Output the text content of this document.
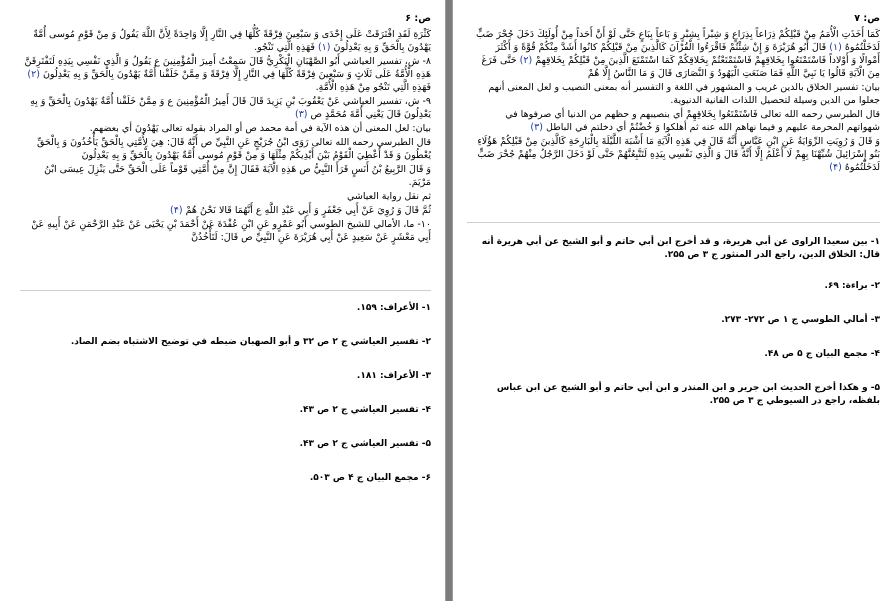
ص: ۶

كَثْرَةِ لَقَدِ افْتَرَقَتْ عَلَى إِحْدَى وَ سَبْعِينَ فِرْقَةً كُلُّهَا فِي النَّارِ إِلَّا وَاحِدَةً لِأَنَّ اللَّهَ يَقُولُ وَ مِنْ قَوْمِ مُوسى أُمَّةٌ يَهْدُونَ بِالْحَقِّ وَ بِهِ يَعْدِلُونَ (۱) فَهَذِهِ الَّتِي تَنْجُو.

۸- ش، تفسير العياشي أَبُو الصَّهْبَانِ الْبَكْرِيُّ قَالَ سَمِعْتُ أَمِيرَ الْمُؤْمِنِينَ ع يَقُولُ وَ الَّذِي نَفْسِي بِيَدِهِ لَتَفْتَرِقَنَّ هَذِهِ الْأُمَّةُ عَلَى ثَلَاثٍ وَ سَبْعِينَ فِرْقَةً كُلُّهَا فِي النَّارِ إِلَّا فِرْقَةً وَ مِمَّنْ خَلَقْنا أُمَّةٌ يَهْدُونَ بِالْحَقِّ وَ بِهِ يَعْدِلُونَ (۲) فَهَذِهِ الَّتِي تَنْجُو مِنْ هَذِهِ الْأُمَّةِ.

۹- ش، تفسير العياشي عَنْ يَعْقُوبَ بْنِ يَزِيدَ قَالَ قَالَ أَمِيرُ الْمُؤْمِنِينَ ع وَ مِمَّنْ خَلَقْنا أُمَّةٌ يَهْدُونَ بِالْحَقِّ وَ بِهِ يَعْدِلُونَ قَالَ يَعْنِي أُمَّةَ مُحَمَّدٍ ص (۳)

بيان: لعل المعنى أن هذه الآية في أمة محمد ص أو المراد بقوله تعالى يَهْدُونَ أي بعضهم.

قال الطبرسي رحمه الله تعالى رَوَى ابْنُ جُرَيْجٍ عَنِ النَّبِيِّ ص أَنَّهُ قَالَ: هِيَ لِأُمَّتِي بِالْحَقِّ يَأْخُذُونَ وَ بِالْحَقِّ يُعْطُونَ وَ قَدْ أُعْطِيَ الْقَوْمُ بَيْنَ أَيْدِيكُمْ مِثْلَهَا وَ مِنْ قَوْمِ مُوسى أُمَّةٌ يَهْدُونَ بِالْحَقِّ وَ بِهِ يَعْدِلُونَ

وَ قَالَ الرَّبِيعُ بْنُ أَنَسٍ قَرَأَ النَّبِيُّ ص هَذِهِ الْآيَةَ فَقَالَ إِنَّ مِنْ أُمَّتِي قَوْماً عَلَى الْحَقِّ حَتَّى يَنْزِلَ عِيسَى ابْنُ مَرْيَمَ.

ثم نقل رواية العياشي

ثُمَّ قَالَ وَ رُوِيَ عَنْ أَبِي جَعْفَرٍ وَ أَبِي عَبْدِ اللَّهِ ع أَنَّهُمَا قَالا نَحْنُ هُمْ (۴)

۱۰- ما، الأمالي للشيخ الطوسي أَبُو عَمْرٍو عَنِ ابْنِ عُقْدَةَ عَنْ أَحْمَدَ بْنِ يَحْيَى عَنْ عَبْدِ الرَّحْمَنِ عَنْ أَبِيهِ عَنْ أَبِي مَعْشَرٍ عَنْ سَعِيدٍ عَنْ أَبِي هُرَيْرَةَ عَنِ النَّبِيِّ ص قَالَ: لَتَأْخُذُنَّ

۱- الأعراف: ۱۵۹.

۲- تفسير العياشي ج ۲ ص ۳۲ و أبو الصهبان ضبطه في توضيح الاشتباه بضم الصاد.

۳- الأعراف: ۱۸۱.

۴- تفسير العياشي ج ۲ ص ۴۳.

۵- تفسير العياشي ج ۲ ص ۴۳.

۶- مجمع البيان ج ۴ ص ۵۰۳.

ص: ۷

كَمَا أَخَذَتِ الْأُمَمُ مِنْ قَبْلِكُمْ ذِرَاعاً بِذِرَاعٍ وَ شِبْراً بِشِبْرٍ وَ بَاعاً بِبَاعٍ حَتَّى لَوْ أَنَّ أَحَداً مِنْ أُولَئِكَ دَخَلَ جُحْرَ ضَبٍّ لَدَخَلْتُمُوهُ (۱) قَالَ أَبُو هُرَيْرَةَ وَ إِنْ شِئْتُمْ فَاقْرَءُوا الْقُرْآنَ كَالَّذِينَ مِنْ قَبْلِكُمْ كانُوا أَشَدَّ مِنْكُمْ قُوَّةً وَ أَكْثَرَ أَمْوالًا وَ أَوْلاداً فَاسْتَمْتَعُوا بِخَلاقِهِمْ فَاسْتَمْتَعْتُمْ بِخَلاقِكُمْ كَمَا اسْتَمْتَعَ الَّذِينَ مِنْ قَبْلِكُمْ بِخَلاقِهِمْ (۲) حَتَّى فَرَغَ مِنَ الْآيَةِ قَالُوا يَا نَبِيَّ اللَّهِ فَمَا صَنَعَتِ الْيَهُودُ وَ النَّصَارَى قَالَ وَ مَا النَّاسُ إِلَّا هُمْ

بيان: تفسير الخلاق بالدين غريب و المشهور في اللغة و التفسير أنه بمعنى النصيب و لعل المعنى أنهم جعلوا من الدين وسيلة لتحصيل اللذات الفانية الدنيوية.

قال الطبرسي رحمه الله تعالى فَاسْتَمْتَعُوا بِخَلاقِهِمْ أي بنصيبهم و حظهم من الدنيا أي صرفوها في شهواتهم المحرمة عليهم و فيما نهاهم الله عنه ثم أهلكوا وَ خُضْتُمْ أي دخلتم في الباطل (۳)

وَ قَالَ وَ رُوِيَتِ الرِّوَايَةُ عَنِ ابْنِ عَبَّاسٍ أَنَّهُ قَالَ فِي هَذِهِ الْآيَةِ مَا أَشْبَهَ اللَّيْلَةَ بِالْبَارِحَةِ كَالَّذِينَ مِنْ قَبْلِكُمْ هَؤُلَاءِ بَنُو إِسْرَائِيلَ شُبِّهْنَا بِهِمْ لَا أَعْلَمُ إِلَّا أَنَّهُ قَالَ وَ الَّذِي نَفْسِي بِيَدِهِ لَتَتَّبِعُنَّهُمْ حَتَّى لَوْ دَخَلَ الرَّجُلُ مِنْهُمْ جُحْرَ ضَبٍّ لَدَخَلْتُمُوهُ (۴)

۱- بين سعيدا الراوى عن أبي هريرة، و قد أخرج ابن أبي حاتم و أبو الشيخ عن أبي هريرة أنه قال: الخلاق الدين، راجع الدر المنثور ج ۳ ص ۲۵۵.

۲- براءة: ۶۹.

۳- أمالي الطوسي ج ۱ ص ۲۷۲- ۲۷۳.

۴- مجمع البيان ج ۵ ص ۴۸.

۵- و هكذا أخرج الحديث ابن جرير و ابن المنذر و ابن أبي حاتم و أبو الشيخ عن ابن عباس بلفظه، راجع در السيوطي ج ۳ ص ۲۵۵.
